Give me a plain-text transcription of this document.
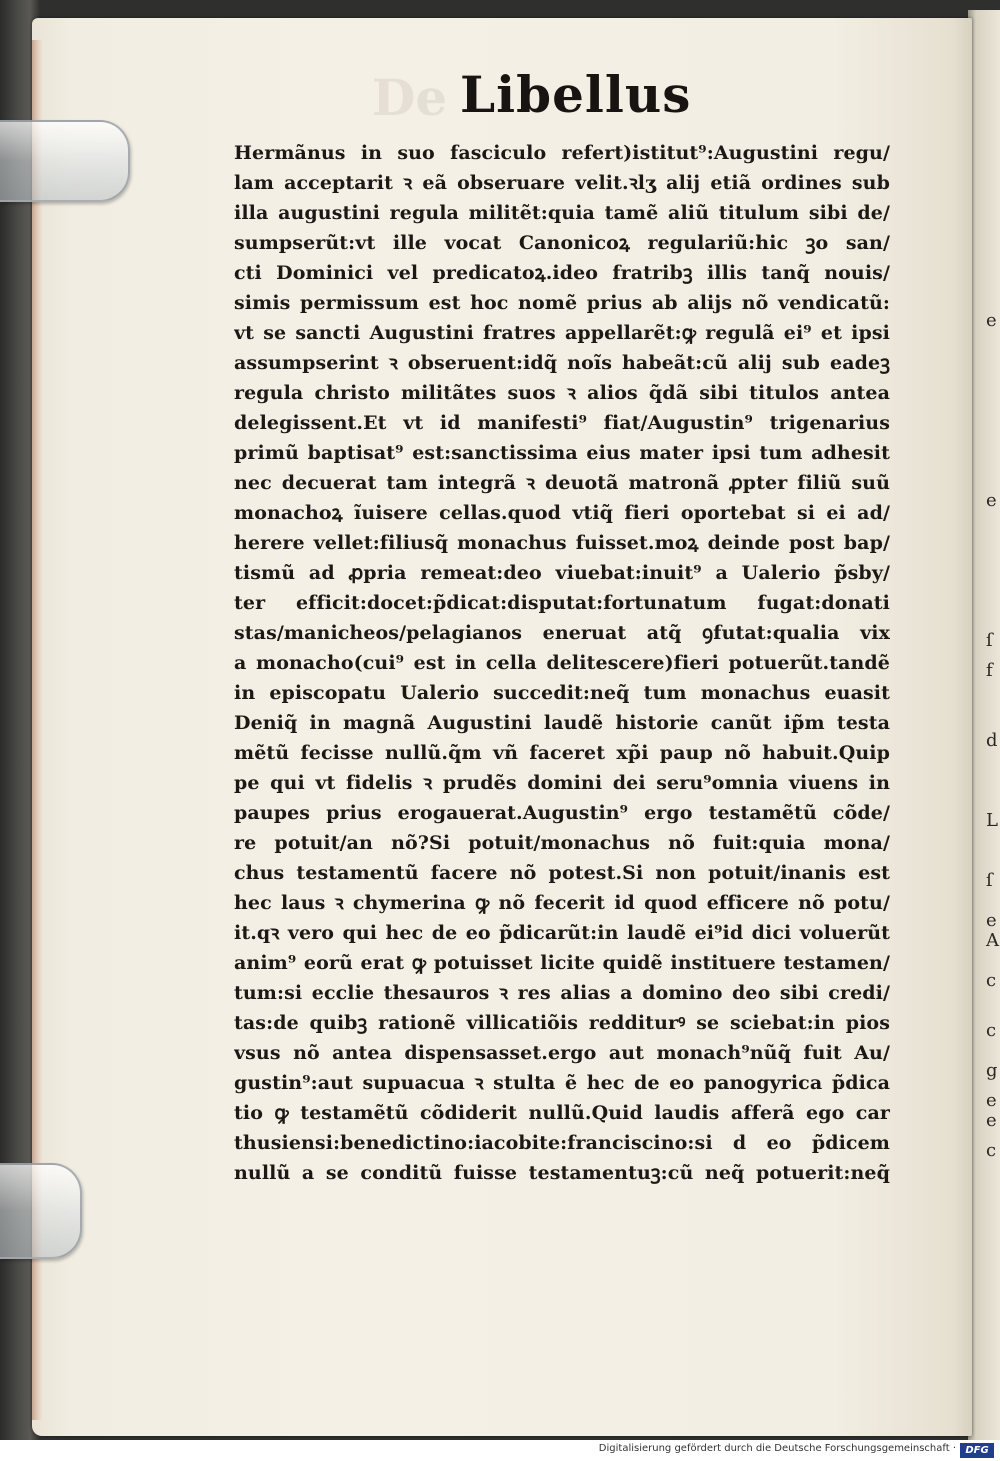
e
e
ſ
f
d
L
ſ
e
A
c
c
g
e
e
c
De Libellus
Hermãnus in suo fasciculo refert)istitut⁹:Augustini regu/
lam acceptarit ꝛ eã obseruare velit.ꝛlʒ alij etiã ordines sub
illa augustini regula militẽt:quia tamẽ aliũ titulum sibi de/
sumpserũt:vt ille vocat Canonicoꝝ regulariũ:hic ꝫo san/
cti Dominici vel predicatoꝝ.ideo fratribꝫ illis tanq̃ nouis/
simis permissum est hoc nomẽ prius ab alijs nõ vendicatũ:
vt se sancti Augustini fratres appellarẽt:ꝙ regulã ei⁹ et ipsi
assumpserint ꝛ obseruent:idq̃ noĩs habeãt:cũ alij sub eadeꝫ
regula christo militãtes suos ꝛ alios q̃dã sibi titulos antea
delegissent.Et vt id manifesti⁹ fiat/Augustin⁹ trigenarius
primũ baptisat⁹ est:sanctissima eius mater ipsi tum adhesit
nec decuerat tam integrã ꝛ deuotã matronã ꝓpter filiũ suũ
monachoꝝ ĩuisere cellas.quod vtiq̃ fieri oportebat si ei ad/
herere vellet:filiusq̃ monachus fuisset.moꝝ deinde post bap/
tismũ ad ꝓpria remeat:deo viuebat:inuit⁹ a Ualerio p̃sby/
ter efficit:docet:p̃dicat:disputat:fortunatum fugat:donati
stas/manicheos/pelagianos eneruat atq̃ ꝯfutat:qualia vix
a monacho(cui⁹ est in cella delitescere)fieri potuerũt.tandẽ
in episcopatu Ualerio succedit:neq̃ tum monachus euasit
Deniq̃ in magnã Augustini laudẽ historie canũt ip̃m testa
mẽtũ fecisse nullũ.q̃m vñ faceret xp̃i paup nõ habuit.Quip
pe qui vt fidelis ꝛ prudẽs domini dei seru⁹omnia viuens in
paupes prius erogauerat.Augustin⁹ ergo testamẽtũ cõde/
re potuit/an nõ?Si potuit/monachus nõ fuit:quia mona/
chus testamentũ facere nõ potest.Si non potuit/inanis est
hec laus ꝛ chymerina ꝙ nõ fecerit id quod efficere nõ potu/
it.qꝛ vero qui hec de eo p̃dicarũt:in laudẽ ei⁹id dici voluerũt
anim⁹ eorũ erat ꝙ potuisset licite quidẽ instituere testamen/
tum:si ecclie thesauros ꝛ res alias a domino deo sibi credi/
tas:de quibꝫ rationẽ villicatiõis redditurꝰ se sciebat:in pios
vsus nõ antea dispensasset.ergo aut monach⁹nũq̃ fuit Au/
gustin⁹:aut supuacua ꝛ stulta ẽ hec de eo panogyrica p̃dica
tio ꝙ testamẽtũ cõdiderit nullũ.Quid laudis afferã ego car
thusiensi:benedictino:iacobite:franciscino:si d eo p̃dicem
nullũ a se conditũ fuisse testamentuꝫ:cũ neq̃ potuerit:neq̃
Digitalisierung gefördert durch die Deutsche Forschungsgemeinschaft · DFG
